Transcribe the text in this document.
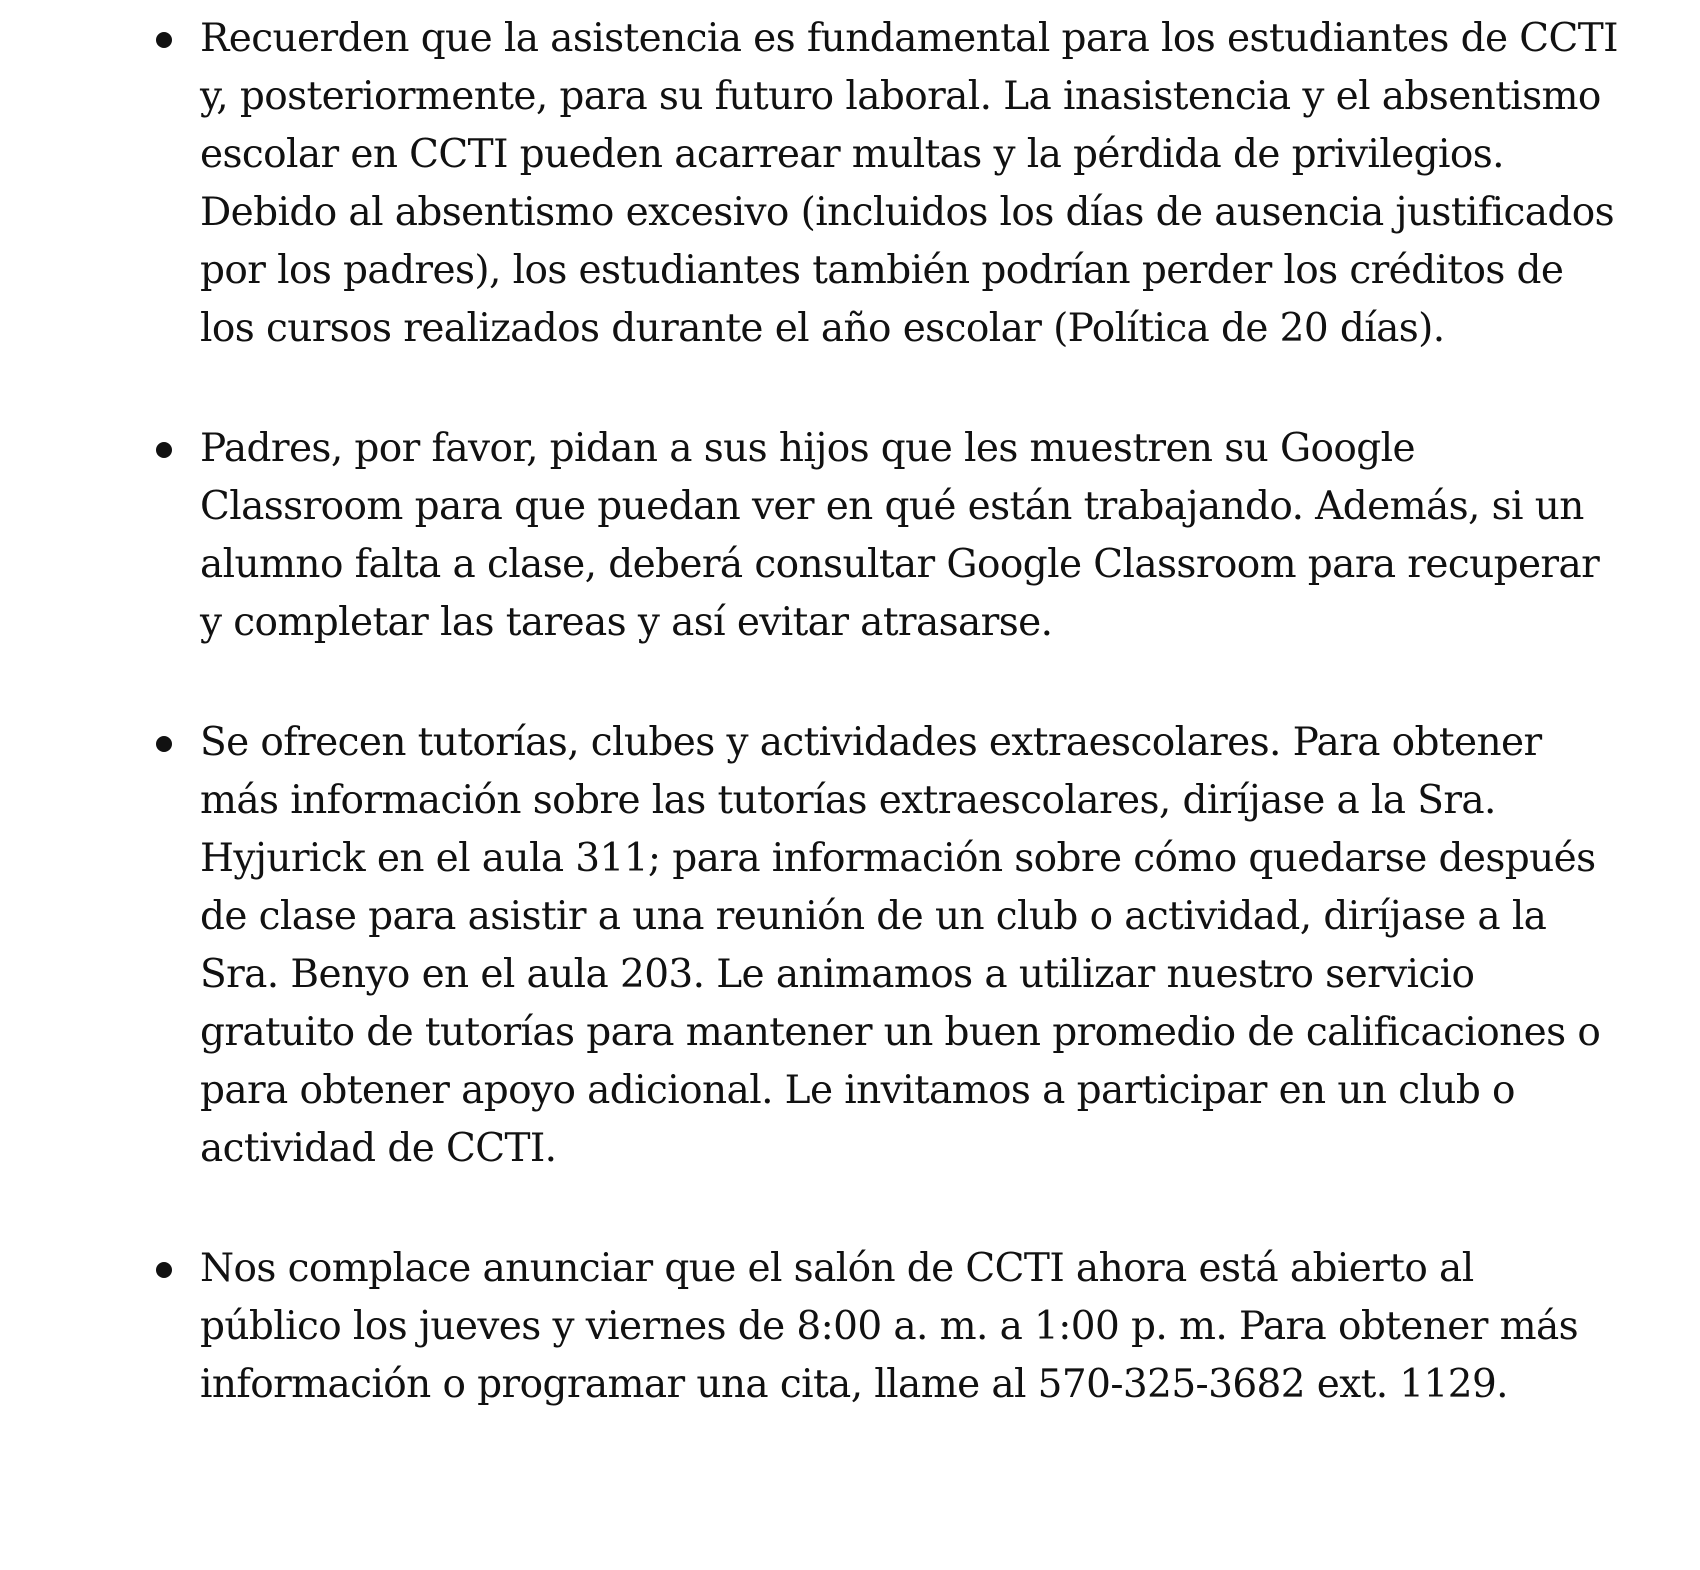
Recuerden que la asistencia es fundamental para los estudiantes de CCTI y, posteriormente, para su futuro laboral. La inasistencia y el absentismo escolar en CCTI pueden acarrear multas y la pérdida de privilegios. Debido al absentismo excesivo (incluidos los días de ausencia justificados por los padres), los estudiantes también podrían perder los créditos de los cursos realizados durante el año escolar (Política de 20 días).
Padres, por favor, pidan a sus hijos que les muestren su Google Classroom para que puedan ver en qué están trabajando. Además, si un alumno falta a clase, deberá consultar Google Classroom para recuperar y completar las tareas y así evitar atrasarse.
Se ofrecen tutorías, clubes y actividades extraescolares. Para obtener más información sobre las tutorías extraescolares, diríjase a la Sra. Hyjurick en el aula 311; para información sobre cómo quedarse después de clase para asistir a una reunión de un club o actividad, diríjase a la Sra. Benyo en el aula 203. Le animamos a utilizar nuestro servicio gratuito de tutorías para mantener un buen promedio de calificaciones o para obtener apoyo adicional. Le invitamos a participar en un club o actividad de CCTI.
Nos complace anunciar que el salón de CCTI ahora está abierto al público los jueves y viernes de 8:00 a. m. a 1:00 p. m. Para obtener más información o programar una cita, llame al 570-325-3682 ext. 1129.
